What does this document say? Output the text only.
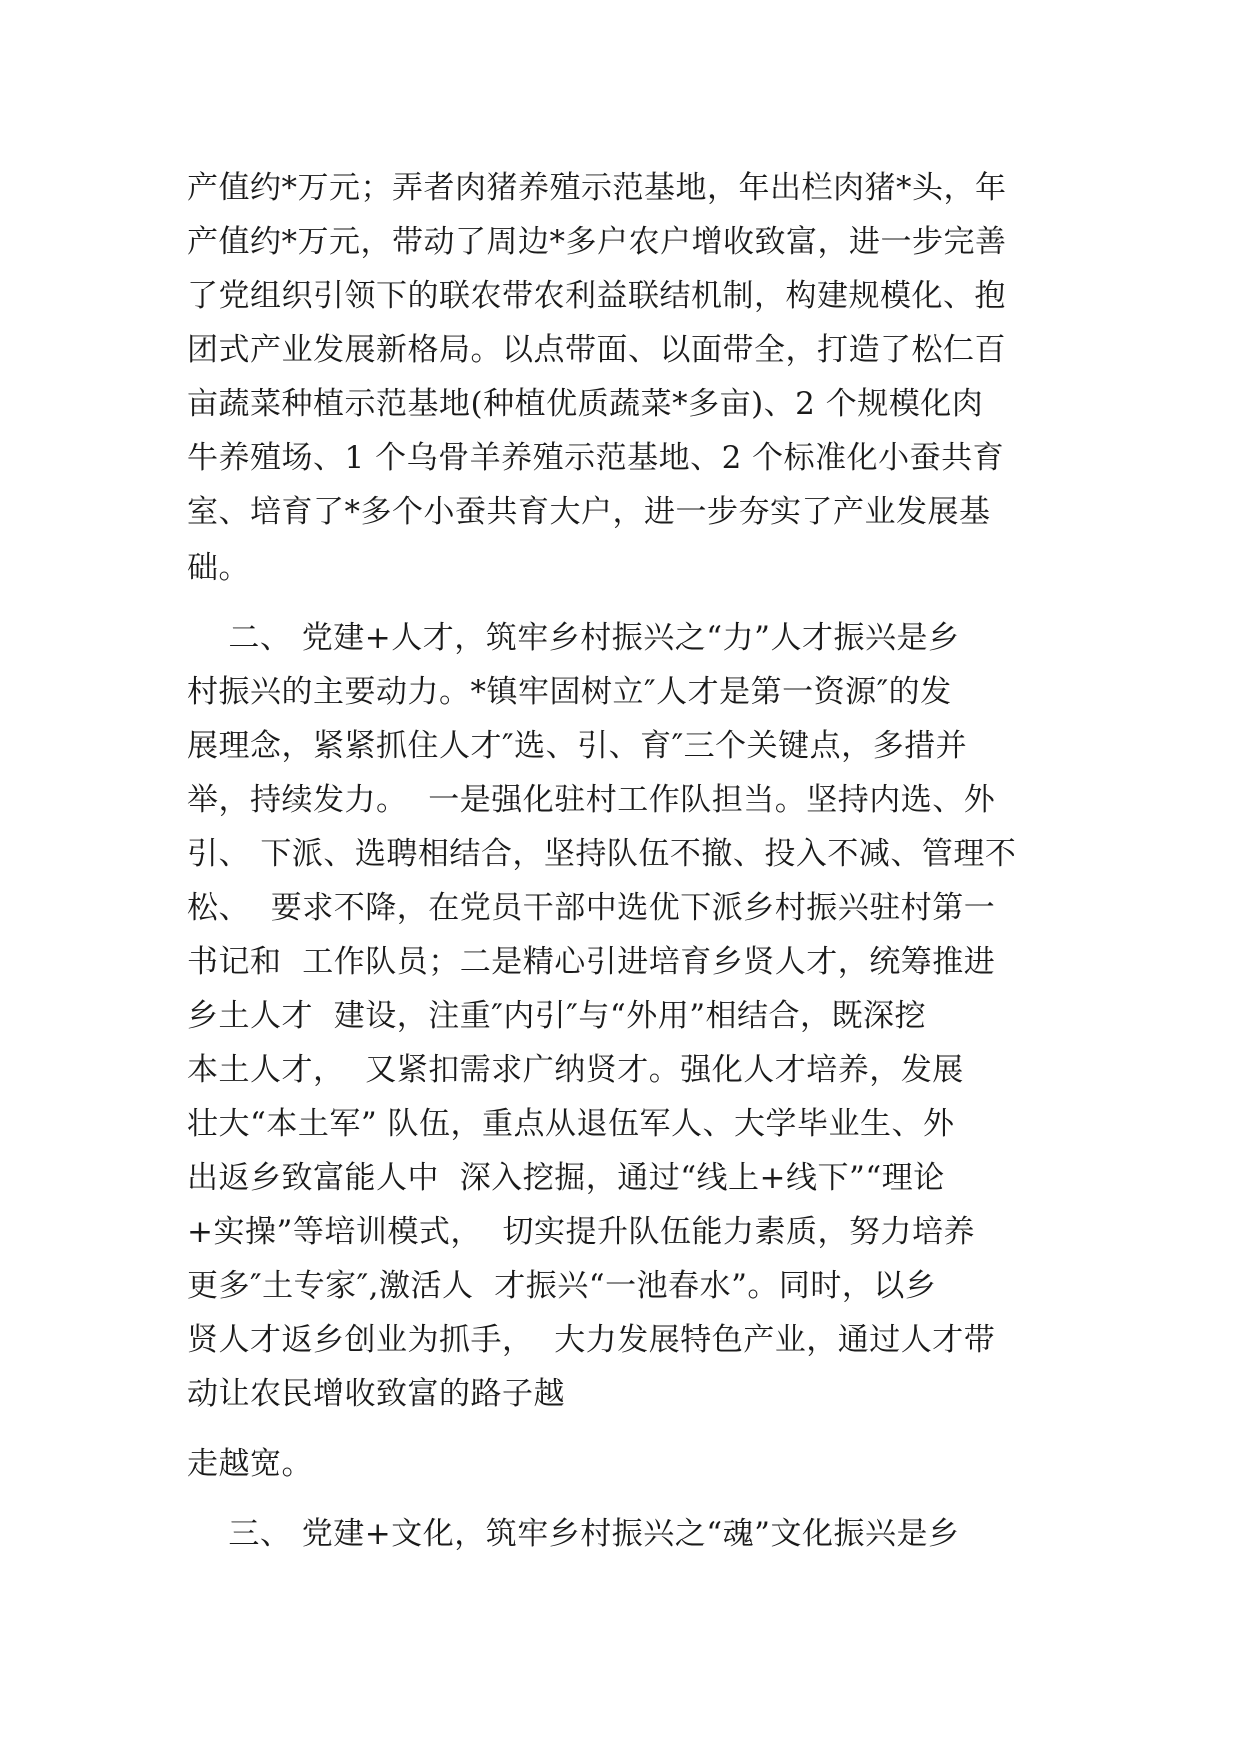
产值约*万元；弄者肉猪养殖示范基地，年出栏肉猪*头，年
产值约*万元，带动了周边*多户农户增收致富，进一步完善
了党组织引领下的联农带农利益联结机制，构建规模化、抱
团式产业发展新格局。以点带面、以面带全，打造了松仁百
亩蔬菜种植示范基地(种植优质蔬菜*多亩)、2 个规模化肉
牛养殖场、1 个乌骨羊养殖示范基地、2 个标准化小蚕共育
室、培育了*多个小蚕共育大户，进一步夯实了产业发展基
础。
二、 党建+人才，筑牢乡村振兴之“力”人才振兴是乡
村振兴的主要动力。*镇牢固树立″人才是第一资源″的发
展理念，紧紧抓住人才″选、引、育″三个关键点，多措并
举，持续发力。  一是强化驻村工作队担当。坚持内选、外
引、 下派、选聘相结合，坚持队伍不撤、投入不减、管理不
松、  要求不降，在党员干部中选优下派乡村振兴驻村第一
书记和  工作队员；二是精心引进培育乡贤人才，统筹推进
乡土人才  建设，注重″内引″与“外用”相结合，既深挖
本土人才，  又紧扣需求广纳贤才。强化人才培养，发展
壮大“本土军” 队伍，重点从退伍军人、大学毕业生、外
出返乡致富能人中  深入挖掘，通过“线上+线下”“理论
+实操”等培训模式，  切实提升队伍能力素质，努力培养
更多″土专家″,激活人  才振兴“一池春水”。同时，以乡
贤人才返乡创业为抓手，  大力发展特色产业，通过人才带
动让农民增收致富的路子越
走越宽。
三、 党建+文化，筑牢乡村振兴之“魂”文化振兴是乡
